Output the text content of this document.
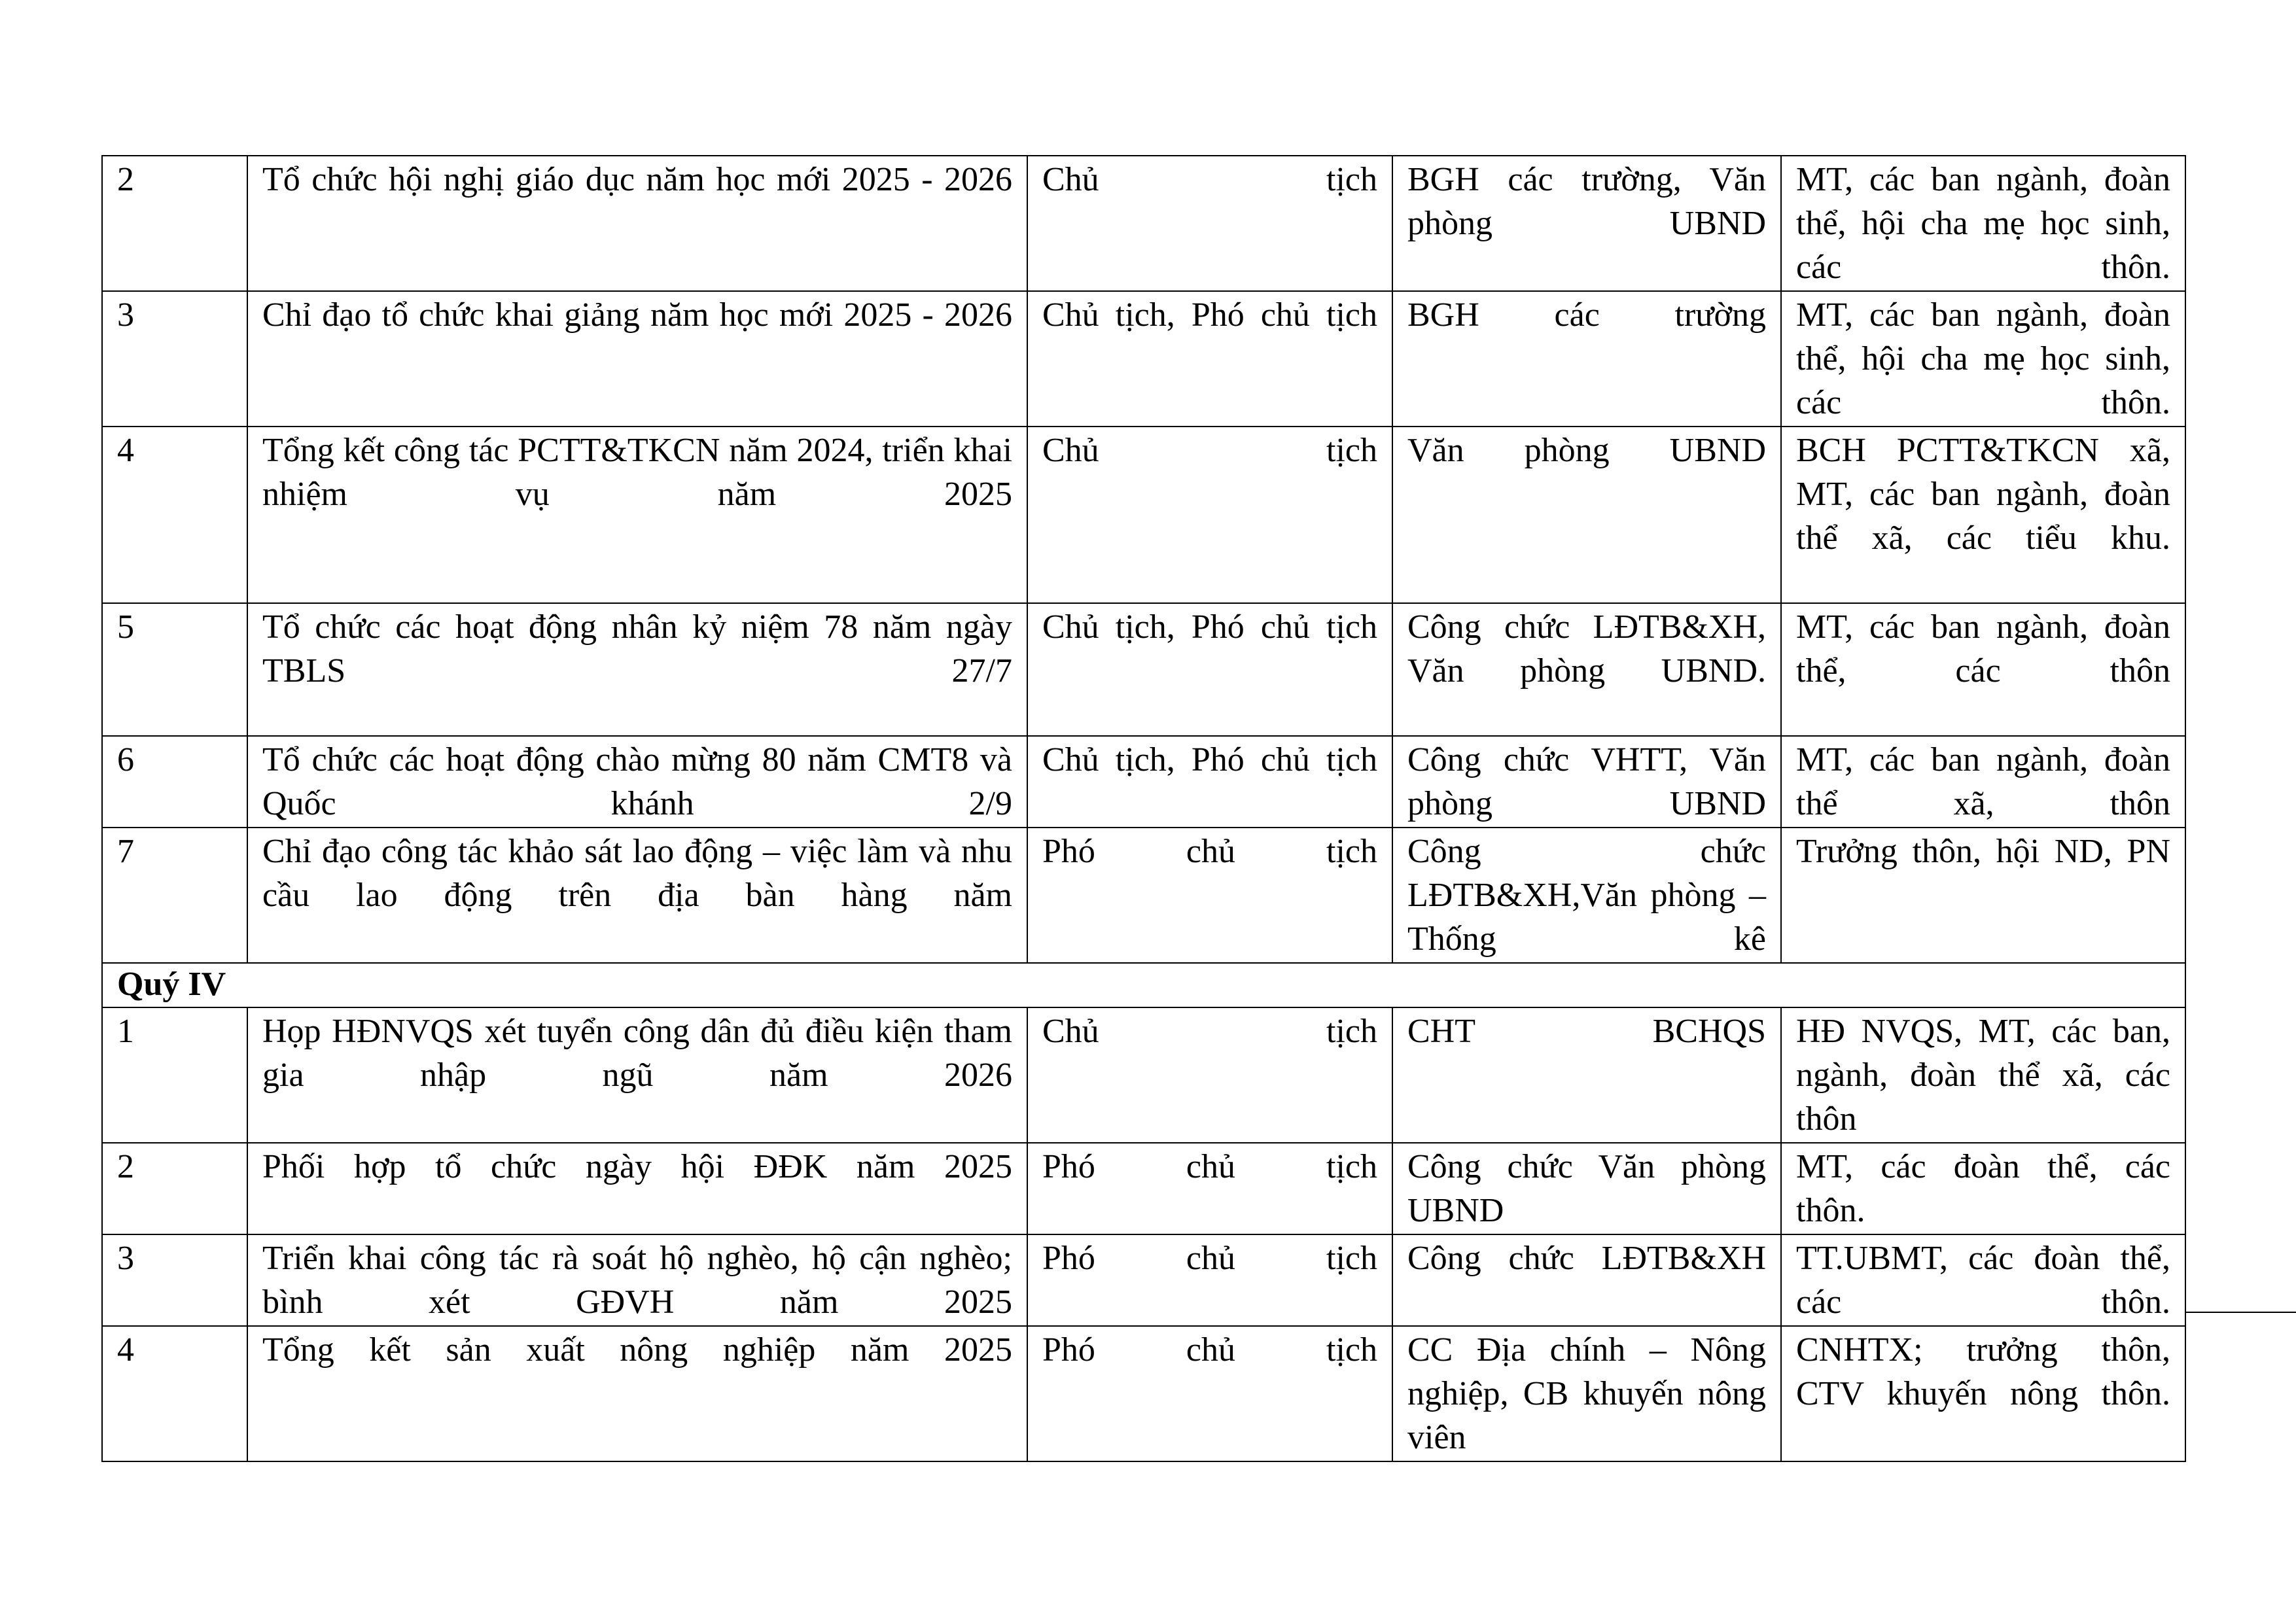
2	Tổ chức hội nghị giáo dục năm học mới 2025 - 2026	Chủ tịch	BGH các trường, Văn phòng UBND	MT, các ban ngành, đoàn thể, hội cha mẹ học sinh, các thôn.

3	Chỉ đạo tổ chức khai giảng năm học mới 2025 - 2026	Chủ tịch, Phó chủ tịch	BGH các trường	MT, các ban ngành, đoàn thể, hội cha mẹ học sinh, các thôn.

4	Tổng kết công tác PCTT&TKCN năm 2024, triển khai nhiệm vụ năm 2025	Chủ tịch	Văn phòng UBND	BCH PCTT&TKCN xã, MT, các ban ngành, đoàn thể xã, các tiểu khu.

5	Tổ chức các hoạt động nhân kỷ niệm 78 năm ngày TBLS 27/7	Chủ tịch, Phó chủ tịch	Công chức LĐTB&XH, Văn phòng UBND.	MT, các ban ngành, đoàn thể, các thôn

6	Tổ chức các hoạt động chào mừng 80 năm CMT8 và Quốc khánh 2/9	Chủ tịch, Phó chủ tịch	Công chức VHTT, Văn phòng UBND	MT, các ban ngành, đoàn thể xã, thôn

7	Chỉ đạo công tác khảo sát lao động – việc làm và nhu cầu lao động trên địa bàn hàng năm	Phó chủ tịch	Công chức LĐTB&XH,Văn phòng – Thống kê	Trưởng thôn, hội ND, PN

Quý IV				
1	Họp HĐNVQS xét tuyển công dân đủ điều kiện tham gia nhập ngũ năm 2026	Chủ tịch	CHT BCHQS	HĐ NVQS, MT, các ban, ngành, đoàn thể xã, các thôn

2	Phối hợp tổ chức ngày hội ĐĐK năm 2025	Phó chủ tịch	Công chức Văn phòng UBND	MT, các đoàn thể, các thôn.

3	Triển khai công tác rà soát hộ nghèo, hộ cận nghèo; bình xét GĐVH năm 2025	Phó chủ tịch	Công chức LĐTB&XH	TT.UBMT, các đoàn thể, các thôn.

4	Tổng kết sản xuất nông nghiệp năm 2025	Phó chủ tịch	CC Địa chính – Nông nghiệp, CB khuyến nông viên	CNHTX; trưởng thôn, CTV khuyến nông thôn.
